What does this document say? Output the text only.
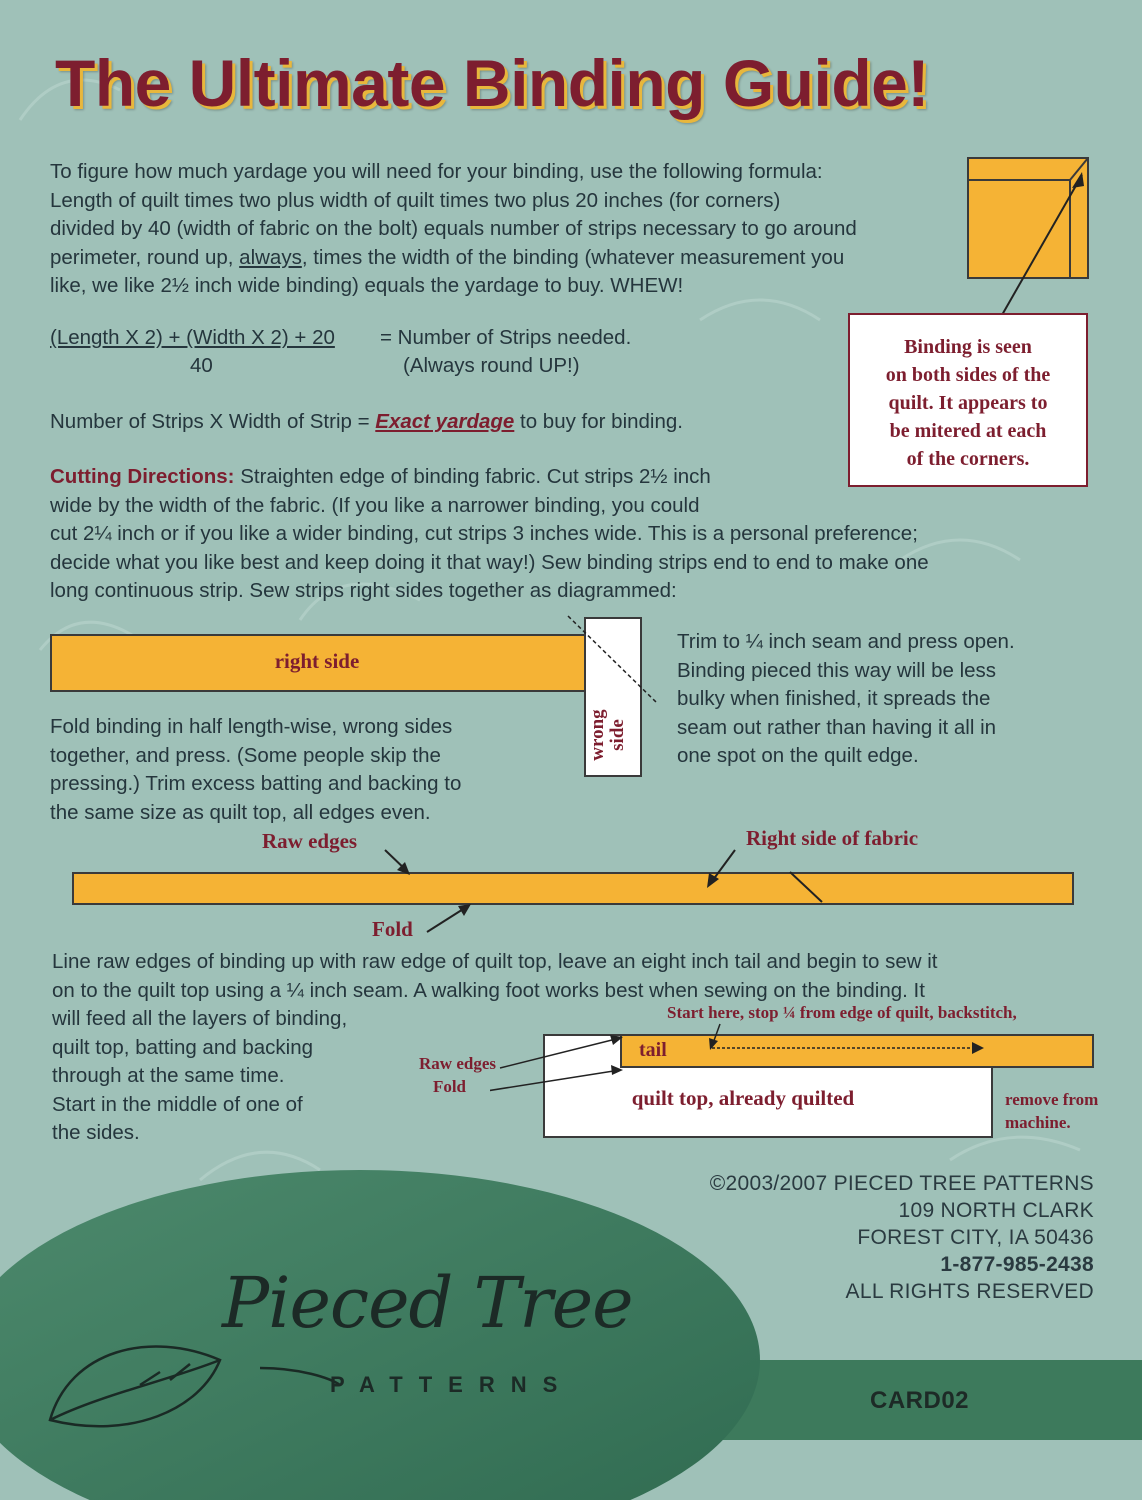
The Ultimate Binding Guide!
To figure how much yardage you will need for your binding, use the following formula:
Length of quilt times two plus width of quilt times two plus 20 inches (for corners)
divided by 40 (width of fabric on the bolt) equals number of strips necessary to go around
perimeter, round up, always, times the width of the binding (whatever measurement you
like, we like 2½ inch wide binding) equals the yardage to buy. WHEW!
Binding is seen
on both sides of the
quilt. It appears to
be mitered at each
of the corners.
(Length X 2) + (Width X 2) + 20
40
= Number of Strips needed.
(Always round UP!)
Number of Strips X Width of Strip = Exact yardage to buy for binding.
Cutting Directions: Straighten edge of binding fabric. Cut strips 2½ inch
wide by the width of the fabric. (If you like a narrower binding, you could
cut 2¼ inch or if you like a wider binding, cut strips 3 inches wide. This is a personal preference;
decide what you like best and keep doing it that way!) Sew binding strips end to end to make one
long continuous strip. Sew strips right sides together as diagrammed:
right side
wrong side
Trim to ¼ inch seam and press open.
Binding pieced this way will be less
bulky when finished, it spreads the
seam out rather than having it all in
one spot on the quilt edge.
Fold binding in half length-wise, wrong sides
together, and press. (Some people skip the
pressing.) Trim excess batting and backing to
the same size as quilt top, all edges even.
Raw edges	Right side of fabric
Fold
Line raw edges of binding up with raw edge of quilt top, leave an eight inch tail and begin to sew it
on to the quilt top using a ¼ inch seam. A walking foot works best when sewing on the binding. It
will feed all the layers of binding,
quilt top, batting and backing
through at the same time.
Start in the middle of one of
the sides.
Start here, stop ¼ from edge of quilt, backstitch,
tail
quilt top, already quilted
Raw edges
Fold
remove from
machine.
©2003/2007 PIECED TREE PATTERNS
109 NORTH CLARK
FOREST CITY, IA 50436
1-877-985-2438
ALL RIGHTS RESERVED
Pieced Tree
PATTERNS
CARD02
